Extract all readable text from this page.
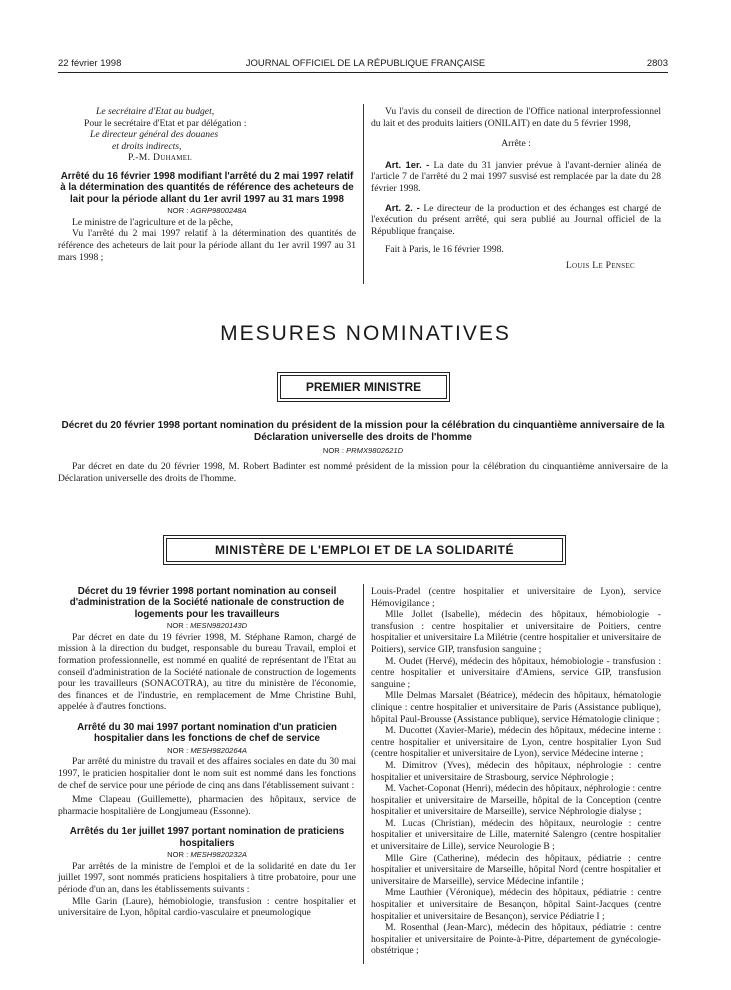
22 février 1998	JOURNAL OFFICIEL DE LA RÉPUBLIQUE FRANÇAISE	2803

Le secrétaire d'Etat au budget,

Pour le secrétaire d'Etat et par délégation :

Le directeur général des douanes

et droits indirects,

P.-M. Duhamel

Arrêté du 16 février 1998 modifiant l'arrêté du 2 mai 1997 relatif à la détermination des quantités de référence des acheteurs de lait pour la période allant du 1er avril 1997 au 31 mars 1998

NOR : AGRP9800248A

Le ministre de l'agriculture et de la pêche,

Vu l'arrêté du 2 mai 1997 relatif à la détermination des quantités de référence des acheteurs de lait pour la période allant du 1er avril 1997 au 31 mars 1998 ;

Vu l'avis du conseil de direction de l'Office national interprofessionnel du lait et des produits laitiers (ONILAIT) en date du 5 février 1998,

Arrête :

Art. 1er. - La date du 31 janvier prévue à l'avant-dernier alinéa de l'article 7 de l'arrêté du 2 mai 1997 susvisé est remplacée par la date du 28 février 1998.

Art. 2. - Le directeur de la production et des échanges est chargé de l'exécution du présent arrêté, qui sera publié au Journal officiel de la République française.

Fait à Paris, le 16 février 1998.

Louis Le Pensec

MESURES NOMINATIVES
PREMIER MINISTRE

Décret du 20 février 1998 portant nomination du président de la mission pour la célébration du cinquantième anniversaire de la Déclaration universelle des droits de l'homme

NOR : PRMX9802621D

Par décret en date du 20 février 1998, M. Robert Badinter est nommé président de la mission pour la célébration du cinquantième anniversaire de la Déclaration universelle des droits de l'homme.

MINISTÈRE DE L'EMPLOI ET DE LA SOLIDARITÉ

Décret du 19 février 1998 portant nomination au conseil d'administration de la Société nationale de construction de logements pour les travailleurs

NOR : MESN9820143D

Par décret en date du 19 février 1998, M. Stéphane Ramon, chargé de mission à la direction du budget, responsable du bureau Travail, emploi et formation professionnelle, est nommé en qualité de représentant de l'Etat au conseil d'administration de la Société nationale de construction de logements pour les travailleurs (SONACOTRA), au titre du ministère de l'économie, des finances et de l'industrie, en remplacement de Mme Christine Buhl, appelée à d'autres fonctions.

Arrêté du 30 mai 1997 portant nomination d'un praticien hospitalier dans les fonctions de chef de service

NOR : MESH9820264A

Par arrêté du ministre du travail et des affaires sociales en date du 30 mai 1997, le praticien hospitalier dont le nom suit est nommé dans les fonctions de chef de service pour une période de cinq ans dans l'établissement suivant :

Mme Clapeau (Guillemette), pharmacien des hôpitaux, service de pharmacie hospitalière de Longjumeau (Essonne).

Arrêtés du 1er juillet 1997 portant nomination de praticiens hospitaliers

NOR : MESH9820232A

Par arrêtés de la ministre de l'emploi et de la solidarité en date du 1er juillet 1997, sont nommés praticiens hospitaliers à titre probatoire, pour une période d'un an, dans les établissements suivants :

Mlle Garin (Laure), hémobiologie, transfusion : centre hospitalier et universitaire de Lyon, hôpital cardio-vasculaire et pneumologique

Louis-Pradel (centre hospitalier et universitaire de Lyon), service Hémovigilance ;

Mlle Jollet (Isabelle), médecin des hôpitaux, hémobiologie - transfusion : centre hospitalier et universitaire de Poitiers, centre hospitalier et universitaire La Milétrie (centre hospitalier et universitaire de Poitiers), service GIP, transfusion sanguine ;

M. Oudet (Hervé), médecin des hôpitaux, hémobiologie - transfusion : centre hospitalier et universitaire d'Amiens, service GIP, transfusion sanguine ;

Mlle Delmas Marsalet (Béatrice), médecin des hôpitaux, hématologie clinique : centre hospitalier et universitaire de Paris (Assistance publique), hôpital Paul-Brousse (Assistance publique), service Hématologie clinique ;

M. Ducottet (Xavier-Marie), médecin des hôpitaux, médecine interne : centre hospitalier et universitaire de Lyon, centre hospitalier Lyon Sud (centre hospitalier et universitaire de Lyon), service Médecine interne ;

M. Dimitrov (Yves), médecin des hôpitaux, néphrologie : centre hospitalier et universitaire de Strasbourg, service Néphrologie ;

M. Vachet-Coponat (Henri), médecin des hôpitaux, néphrologie : centre hospitalier et universitaire de Marseille, hôpital de la Conception (centre hospitalier et universitaire de Marseille), service Néphrologie dialyse ;

M. Lucas (Christian), médecin des hôpitaux, neurologie : centre hospitalier et universitaire de Lille, maternité Salengro (centre hospitalier et universitaire de Lille), service Neurologie B ;

Mlle Gire (Catherine), médecin des hôpitaux, pédiatrie : centre hospitalier et universitaire de Marseille, hôpital Nord (centre hospitalier et universitaire de Marseille), service Médecine infantile ;

Mme Lauthier (Véronique), médecin des hôpitaux, pédiatrie : centre hospitalier et universitaire de Besançon, hôpital Saint-Jacques (centre hospitalier et universitaire de Besançon), service Pédiatrie I ;

M. Rosenthal (Jean-Marc), médecin des hôpitaux, pédiatrie : centre hospitalier et universitaire de Pointe-à-Pitre, département de gynécologie-obstétrique ;
